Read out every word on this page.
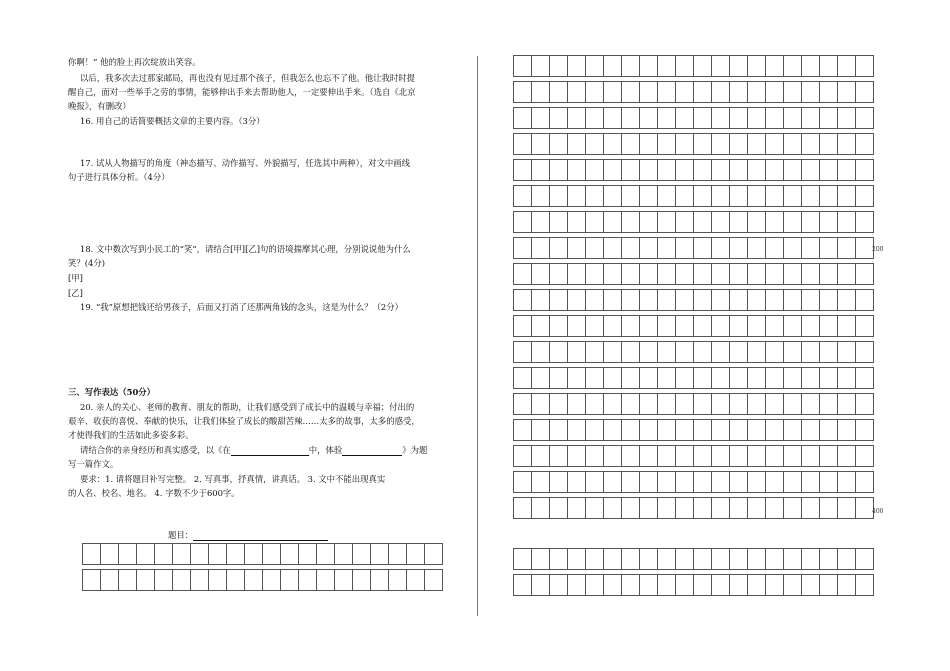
你啊！” 他的脸上再次绽放出笑容。
以后，我多次去过那家邮局，再也没有见过那个孩子，但我怎么也忘不了他。他让我时时提
醒自己，面对一些举手之劳的事情，能够伸出手来去帮助他人，一定要伸出手来。（选自《北京
晚报》，有删改）
16. 用自己的话简要概括文章的主要内容。（3分）
17. 试从人物描写的角度（神态描写、动作描写、外貌描写，任选其中两种），对文中画线
句子进行具体分析。（4分）
18. 文中数次写到小民工的“笑”，请结合[甲][乙]句的语境揣摩其心理，分别说说他为什么
笑？(4分)
[甲]
[乙]
19. “我”原想把钱还给男孩子，后面又打消了还那两角钱的念头，这是为什么？（2分）
三、写作表达（50分）
20. 亲人的关心、老师的教育、朋友的帮助，让我们感受到了成长中的温暖与幸福；付出的
艰辛、收获的喜悦、奉献的快乐，让我们体验了成长的酸甜苦辣……太多的故事，太多的感受，
才使得我们的生活如此多姿多彩。
请结合你的亲身经历和真实感受，以《在	中，体验	》为题
写一篇作文。
要求：1. 请将题目补写完整。 2. 写真事，抒真情，讲真话。 3. 文中不能出现真实
的人名、校名、地名。 4. 字数不少于600字。
题目：

200
400
